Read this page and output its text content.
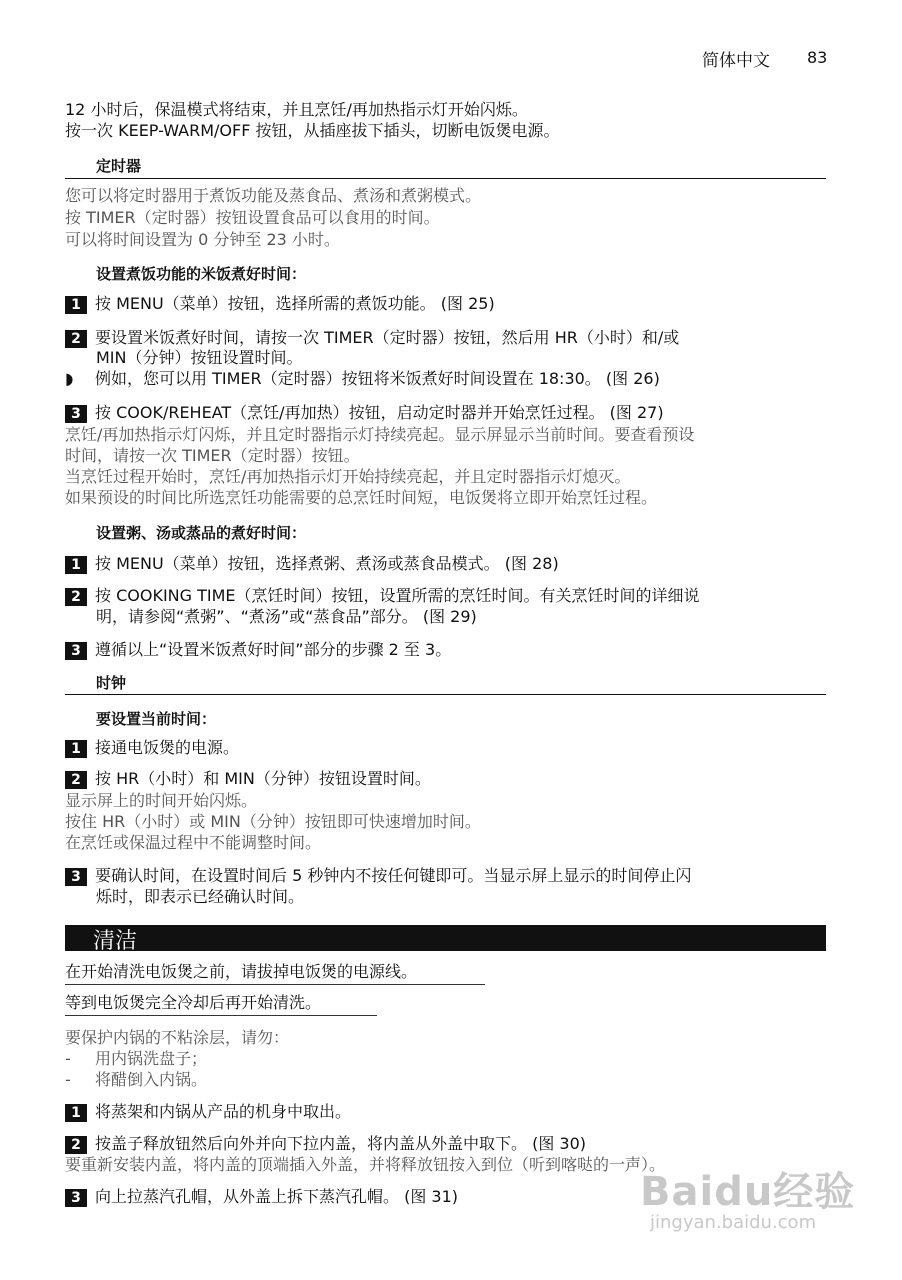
简体中文 83
12 小时后，保温模式将结束，并且烹饪/再加热指示灯开始闪烁。
按一次 KEEP-WARM/OFF 按钮，从插座拔下插头，切断电饭煲电源。
定时器
您可以将定时器用于煮饭功能及蒸食品、煮汤和煮粥模式。
按 TIMER（定时器）按钮设置食品可以食用的时间。
可以将时间设置为 0 分钟至 23 小时。
设置煮饭功能的米饭煮好时间：
1 按 MENU（菜单）按钮，选择所需的煮饭功能。 (图 25)
2 要设置米饭煮好时间，请按一次 TIMER（定时器）按钮，然后用 HR（小时）和/或
MIN（分钟）按钮设置时间。
◗ 例如，您可以用 TIMER（定时器）按钮将米饭煮好时间设置在 18:30。 (图 26)
3 按 COOK/REHEAT（烹饪/再加热）按钮，启动定时器并开始烹饪过程。 (图 27)
烹饪/再加热指示灯闪烁，并且定时器指示灯持续亮起。显示屏显示当前时间。要查看预设
时间，请按一次 TIMER（定时器）按钮。
当烹饪过程开始时，烹饪/再加热指示灯开始持续亮起，并且定时器指示灯熄灭。
如果预设的时间比所选烹饪功能需要的总烹饪时间短，电饭煲将立即开始烹饪过程。
设置粥、汤或蒸品的煮好时间：
1 按 MENU（菜单）按钮，选择煮粥、煮汤或蒸食品模式。 (图 28)
2 按 COOKING TIME（烹饪时间）按钮，设置所需的烹饪时间。有关烹饪时间的详细说
明，请参阅“煮粥”、“煮汤”或“蒸食品”部分。 (图 29)
3 遵循以上“设置米饭煮好时间”部分的步骤 2 至 3。
时钟
要设置当前时间：
1 接通电饭煲的电源。
2 按 HR（小时）和 MIN（分钟）按钮设置时间。
显示屏上的时间开始闪烁。
按住 HR（小时）或 MIN（分钟）按钮即可快速增加时间。
在烹饪或保温过程中不能调整时间。
3 要确认时间，在设置时间后 5 秒钟内不按任何键即可。当显示屏上显示的时间停止闪
烁时，即表示已经确认时间。
清洁
在开始清洗电饭煲之前，请拔掉电饭煲的电源线。
等到电饭煲完全冷却后再开始清洗。
要保护内锅的不粘涂层，请勿：
- 用内锅洗盘子；
- 将醋倒入内锅。
1 将蒸架和内锅从产品的机身中取出。
2 按盖子释放钮然后向外并向下拉内盖，将内盖从外盖中取下。 (图 30)
要重新安装内盖，将内盖的顶端插入外盖，并将释放钮按入到位（听到喀哒的一声）。
3 向上拉蒸汽孔帽，从外盖上拆下蒸汽孔帽。 (图 31)	Baidu经验
jingyan.baidu.com
